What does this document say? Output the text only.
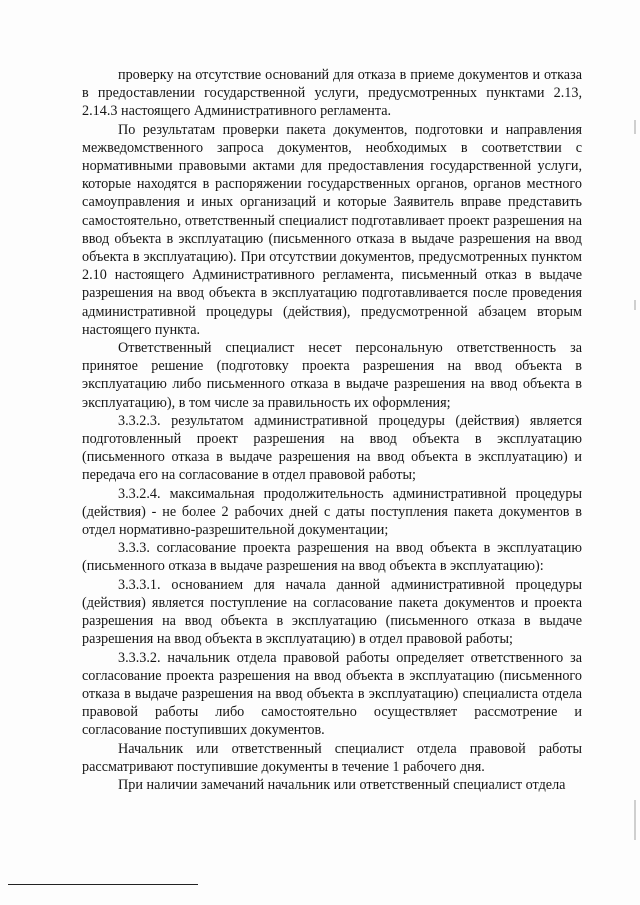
проверку на отсутствие оснований для отказа в приеме документов и отказа в предоставлении государственной услуги, предусмотренных пунктами 2.13, 2.14.3 настоящего Административного регламента.

По результатам проверки пакета документов, подготовки и направления межведомственного запроса документов, необходимых в соответствии с нормативными правовыми актами для предоставления государственной услуги, которые находятся в распоряжении государственных органов, органов местного самоуправления и иных организаций и которые Заявитель вправе представить самостоятельно, ответственный специалист подготавливает проект разрешения на ввод объекта в эксплуатацию (письменного отказа в выдаче разрешения на ввод объекта в эксплуатацию). При отсутствии документов, предусмотренных пунктом 2.10 настоящего Административного регламента, письменный отказ в выдаче разрешения на ввод объекта в эксплуатацию подготавливается после проведения административной процедуры (действия), предусмотренной абзацем вторым настоящего пункта.

Ответственный специалист несет персональную ответственность за принятое решение (подготовку проекта разрешения на ввод объекта в эксплуатацию либо письменного отказа в выдаче разрешения на ввод объекта в эксплуатацию), в том числе за правильность их оформления;

3.3.2.3. результатом административной процедуры (действия) является подготовленный проект разрешения на ввод объекта в эксплуатацию (письменного отказа в выдаче разрешения на ввод объекта в эксплуатацию) и передача его на согласование в отдел правовой работы;

3.3.2.4. максимальная продолжительность административной процедуры (действия) - не более 2 рабочих дней с даты поступления пакета документов в отдел нормативно-разрешительной документации;

3.3.3. согласование проекта разрешения на ввод объекта в эксплуатацию (письменного отказа в выдаче разрешения на ввод объекта в эксплуатацию):

3.3.3.1. основанием для начала данной административной процедуры (действия) является поступление на согласование пакета документов и проекта разрешения на ввод объекта в эксплуатацию (письменного отказа в выдаче разрешения на ввод объекта в эксплуатацию) в отдел правовой работы;

3.3.3.2. начальник отдела правовой работы определяет ответственного за согласование проекта разрешения на ввод объекта в эксплуатацию (письменного отказа в выдаче разрешения на ввод объекта в эксплуатацию) специалиста отдела правовой работы либо самостоятельно осуществляет рассмотрение и согласование поступивших документов.

Начальник или ответственный специалист отдела правовой работы рассматривают поступившие документы в течение 1 рабочего дня.

При наличии замечаний начальник или ответственный специалист отдела
